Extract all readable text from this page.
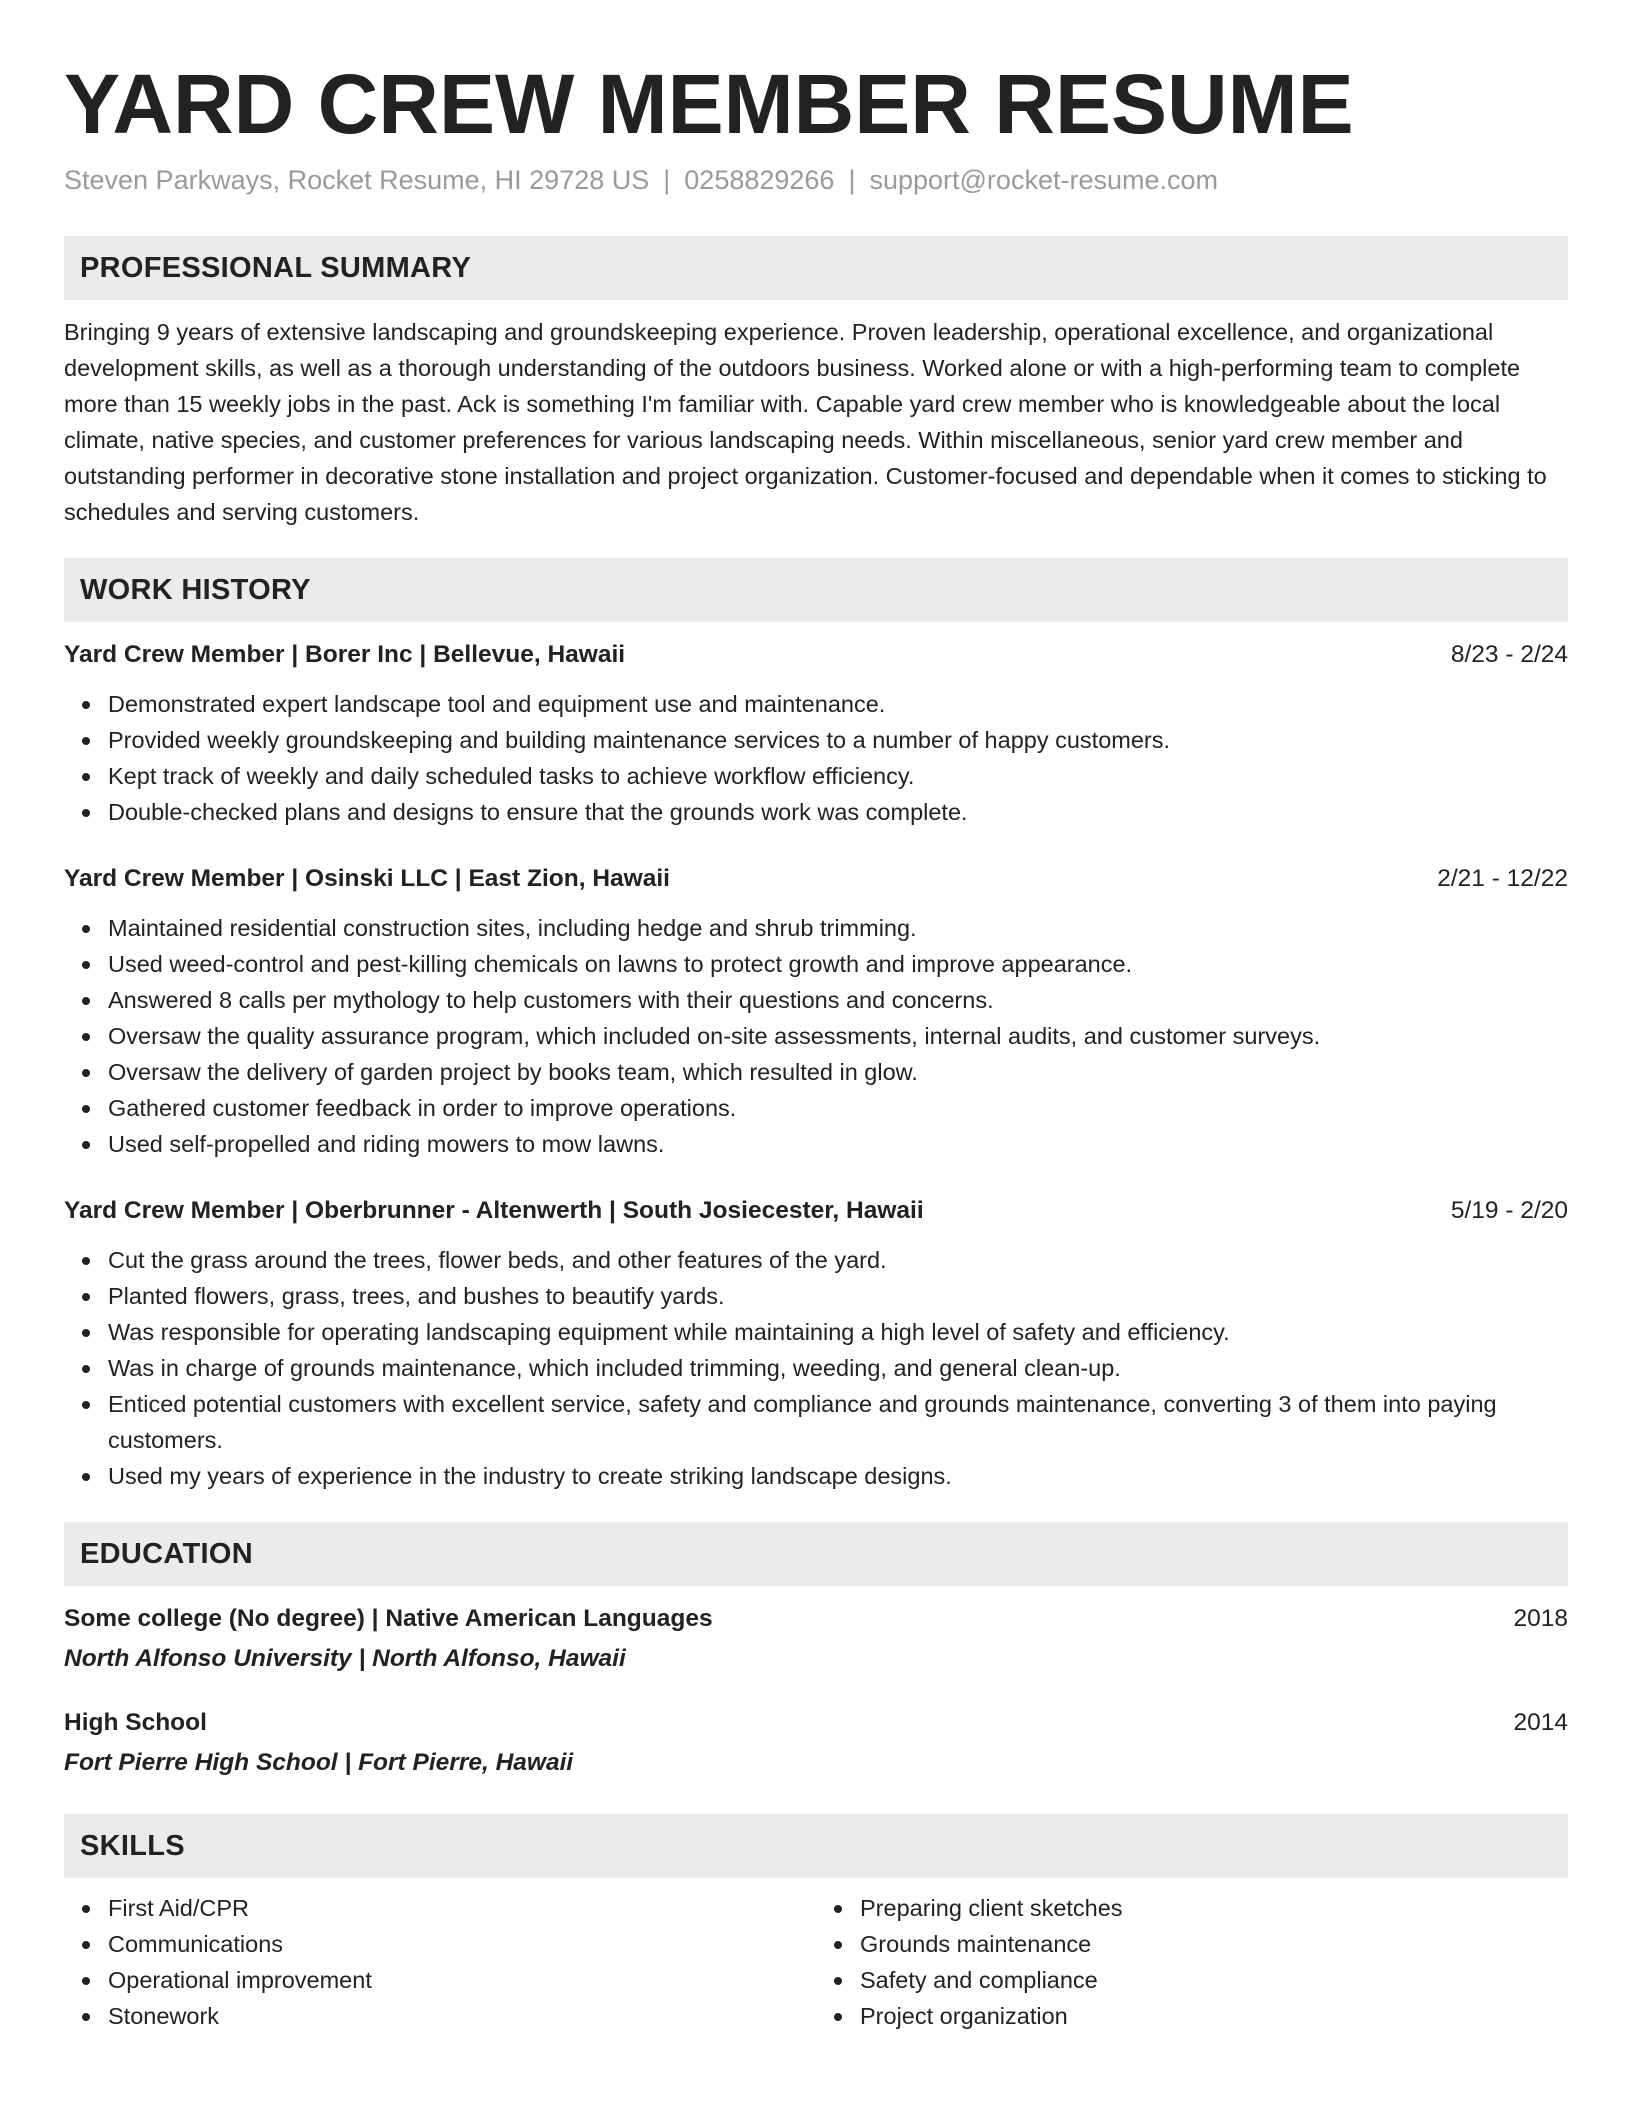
YARD CREW MEMBER RESUME
Steven Parkways, Rocket Resume, HI 29728 US | 0258829266 | support@rocket-resume.com
PROFESSIONAL SUMMARY

Bringing 9 years of extensive landscaping and groundskeeping experience. Proven leadership, operational excellence, and organizational development skills, as well as a thorough understanding of the outdoors business. Worked alone or with a high-performing team to complete more than 15 weekly jobs in the past. Ack is something I'm familiar with. Capable yard crew member who is knowledgeable about the local climate, native species, and customer preferences for various landscaping needs. Within miscellaneous, senior yard crew member and outstanding performer in decorative stone installation and project organization. Customer-focused and dependable when it comes to sticking to schedules and serving customers.

WORK HISTORY
Yard Crew Member | Borer Inc | Bellevue, Hawaii	8/23 - 2/24
Demonstrated expert landscape tool and equipment use and maintenance.
Provided weekly groundskeeping and building maintenance services to a number of happy customers.
Kept track of weekly and daily scheduled tasks to achieve workflow efficiency.
Double-checked plans and designs to ensure that the grounds work was complete.
Yard Crew Member | Osinski LLC | East Zion, Hawaii	2/21 - 12/22
Maintained residential construction sites, including hedge and shrub trimming.
Used weed-control and pest-killing chemicals on lawns to protect growth and improve appearance.
Answered 8 calls per mythology to help customers with their questions and concerns.
Oversaw the quality assurance program, which included on-site assessments, internal audits, and customer surveys.
Oversaw the delivery of garden project by books team, which resulted in glow.
Gathered customer feedback in order to improve operations.
Used self-propelled and riding mowers to mow lawns.
Yard Crew Member | Oberbrunner - Altenwerth | South Josiecester, Hawaii	5/19 - 2/20
Cut the grass around the trees, flower beds, and other features of the yard.
Planted flowers, grass, trees, and bushes to beautify yards.
Was responsible for operating landscaping equipment while maintaining a high level of safety and efficiency.
Was in charge of grounds maintenance, which included trimming, weeding, and general clean-up.
Enticed potential customers with excellent service, safety and compliance and grounds maintenance, converting 3 of them into paying customers.
Used my years of experience in the industry to create striking landscape designs.
EDUCATION
Some college (No degree) | Native American Languages	2018
North Alfonso University | North Alfonso, Hawaii
High School	2014
Fort Pierre High School | Fort Pierre, Hawaii
SKILLS
First Aid/CPR
Communications
Operational improvement
Stonework
Preparing client sketches
Grounds maintenance
Safety and compliance
Project organization
